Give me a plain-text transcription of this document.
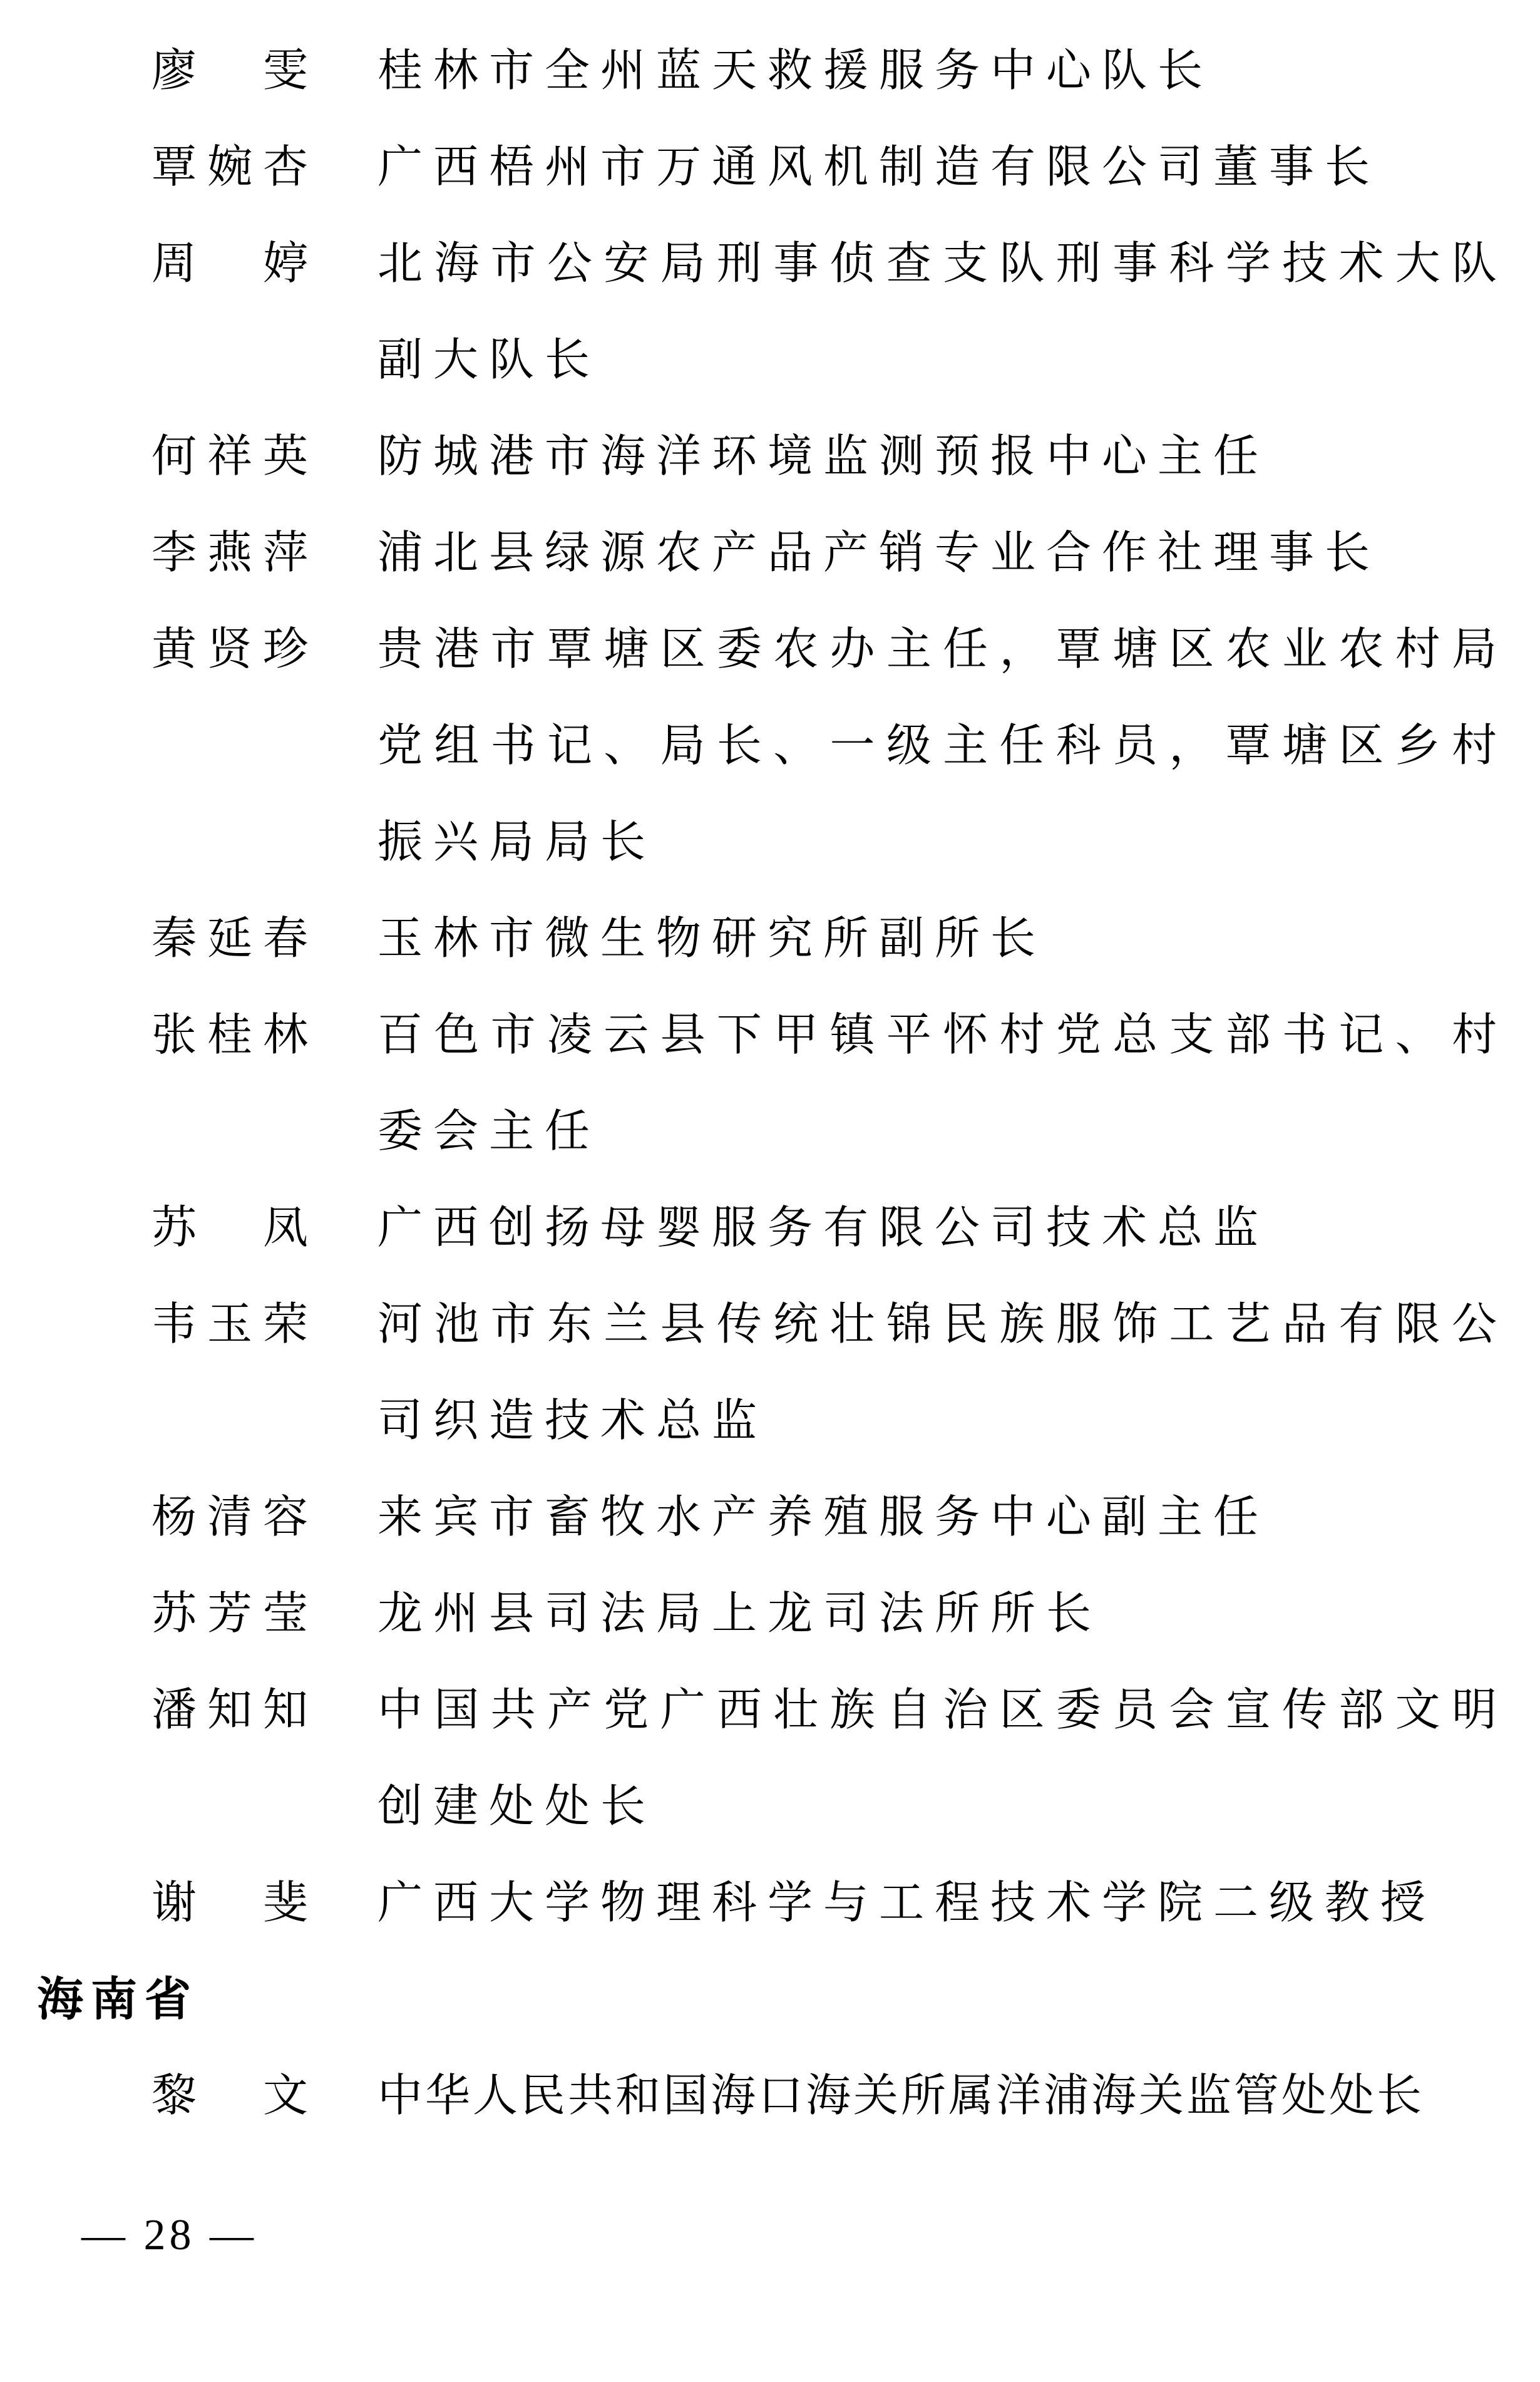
廖 雯 桂林市全州蓝天救援服务中心队长
覃 婉 杏 广西梧州市万通风机制造有限公司董事长
周 婷 北海市公安局刑事侦查支队刑事科学技术大队
副大队长
何 祥 英 防城港市海洋环境监测预报中心主任
李 燕 萍 浦北县绿源农产品产销专业合作社理事长
黄 贤 珍 贵港市覃塘区委农办主任，覃塘区农业农村局
党组书记、局长、一级主任科员，覃塘区乡村
振兴局局长
秦 延 春 玉林市微生物研究所副所长
张 桂 林 百色市凌云县下甲镇平怀村党总支部书记、村
委会主任
苏 凤 广西创扬母婴服务有限公司技术总监
韦 玉 荣 河池市东兰县传统壮锦民族服饰工艺品有限公
司织造技术总监
杨 清 容 来宾市畜牧水产养殖服务中心副主任
苏 芳 莹 龙州县司法局上龙司法所所长
潘 知 知 中国共产党广西壮族自治区委员会宣传部文明
创建处处长
谢 斐 广西大学物理科学与工程技术学院二级教授
海南省
黎 文 中华人民共和国海口海关所属洋浦海关监管处处长
— 28 —
